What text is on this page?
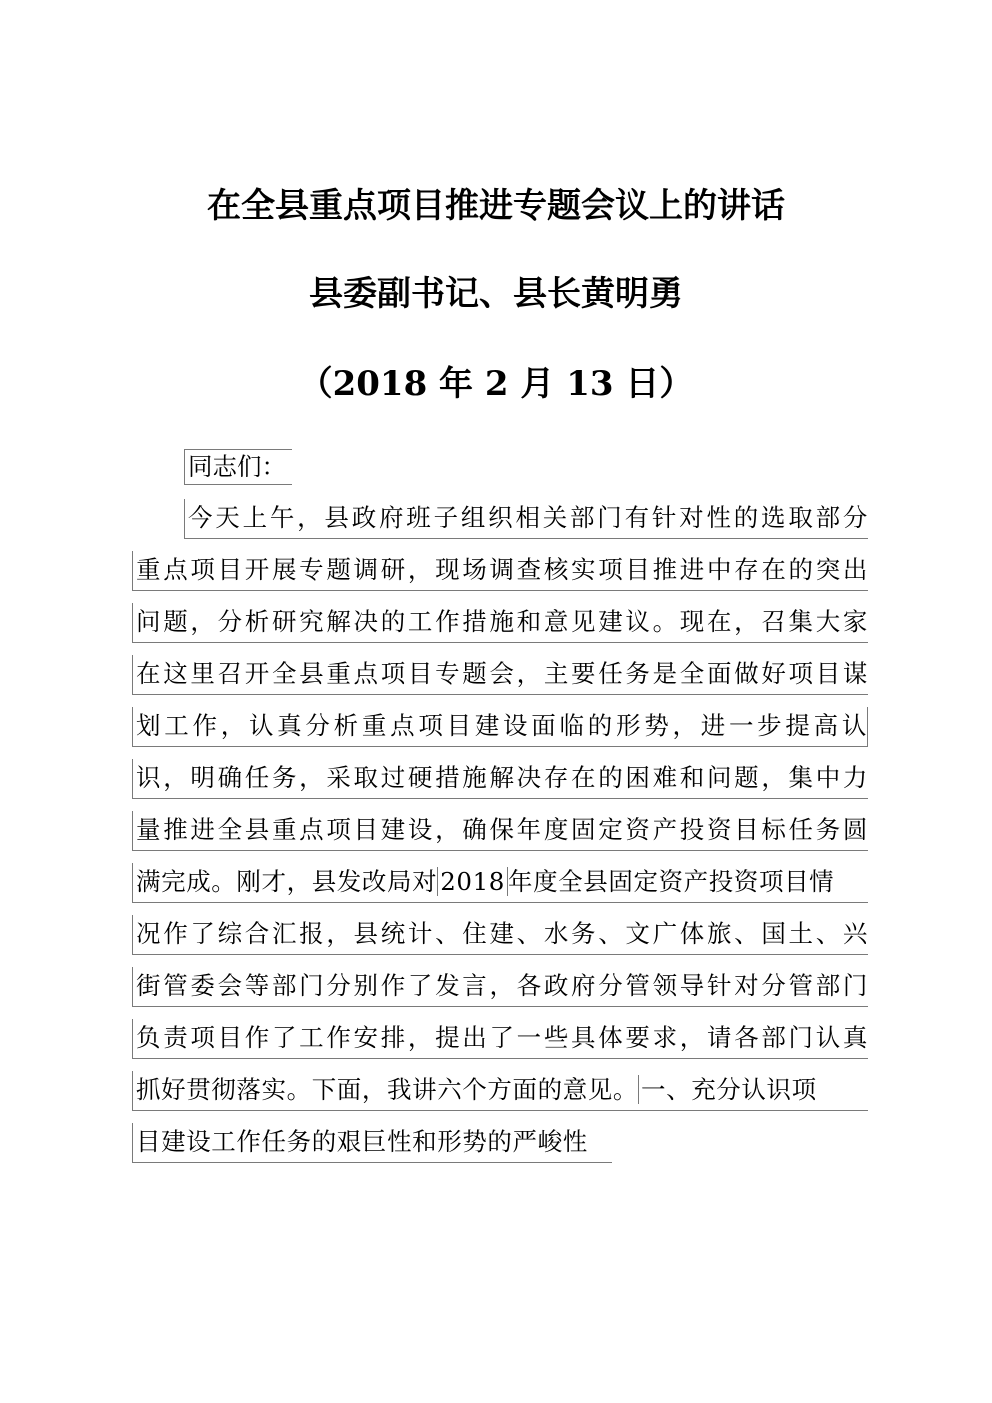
在全县重点项目推进专题会议上的讲话
县委副书记、县长黄明勇
（2018 年 2 月 13 日）
同志们：
今天上午，县政府班子组织相关部门有针对性的选取部分
重点项目开展专题调研，现场调查核实项目推进中存在的突出
问题，分析研究解决的工作措施和意见建议。现在，召集大家
在这里召开全县重点项目专题会，主要任务是全面做好项目谋
划工作，认真分析重点项目建设面临的形势，进一步提高认
识，明确任务，采取过硬措施解决存在的困难和问题，集中力
量推进全县重点项目建设，确保年度固定资产投资目标任务圆
满完成。刚才，县发改局对 2018 年度全县固定资产投资项目情
况作了综合汇报，县统计、住建、水务、文广体旅、国土、兴
街管委会等部门分别作了发言，各政府分管领导针对分管部门
负责项目作了工作安排，提出了一些具体要求，请各部门认真
抓好贯彻落实。下面，我讲六个方面的意见。 一、充分认识项
目建设工作任务的艰巨性和形势的严峻性
